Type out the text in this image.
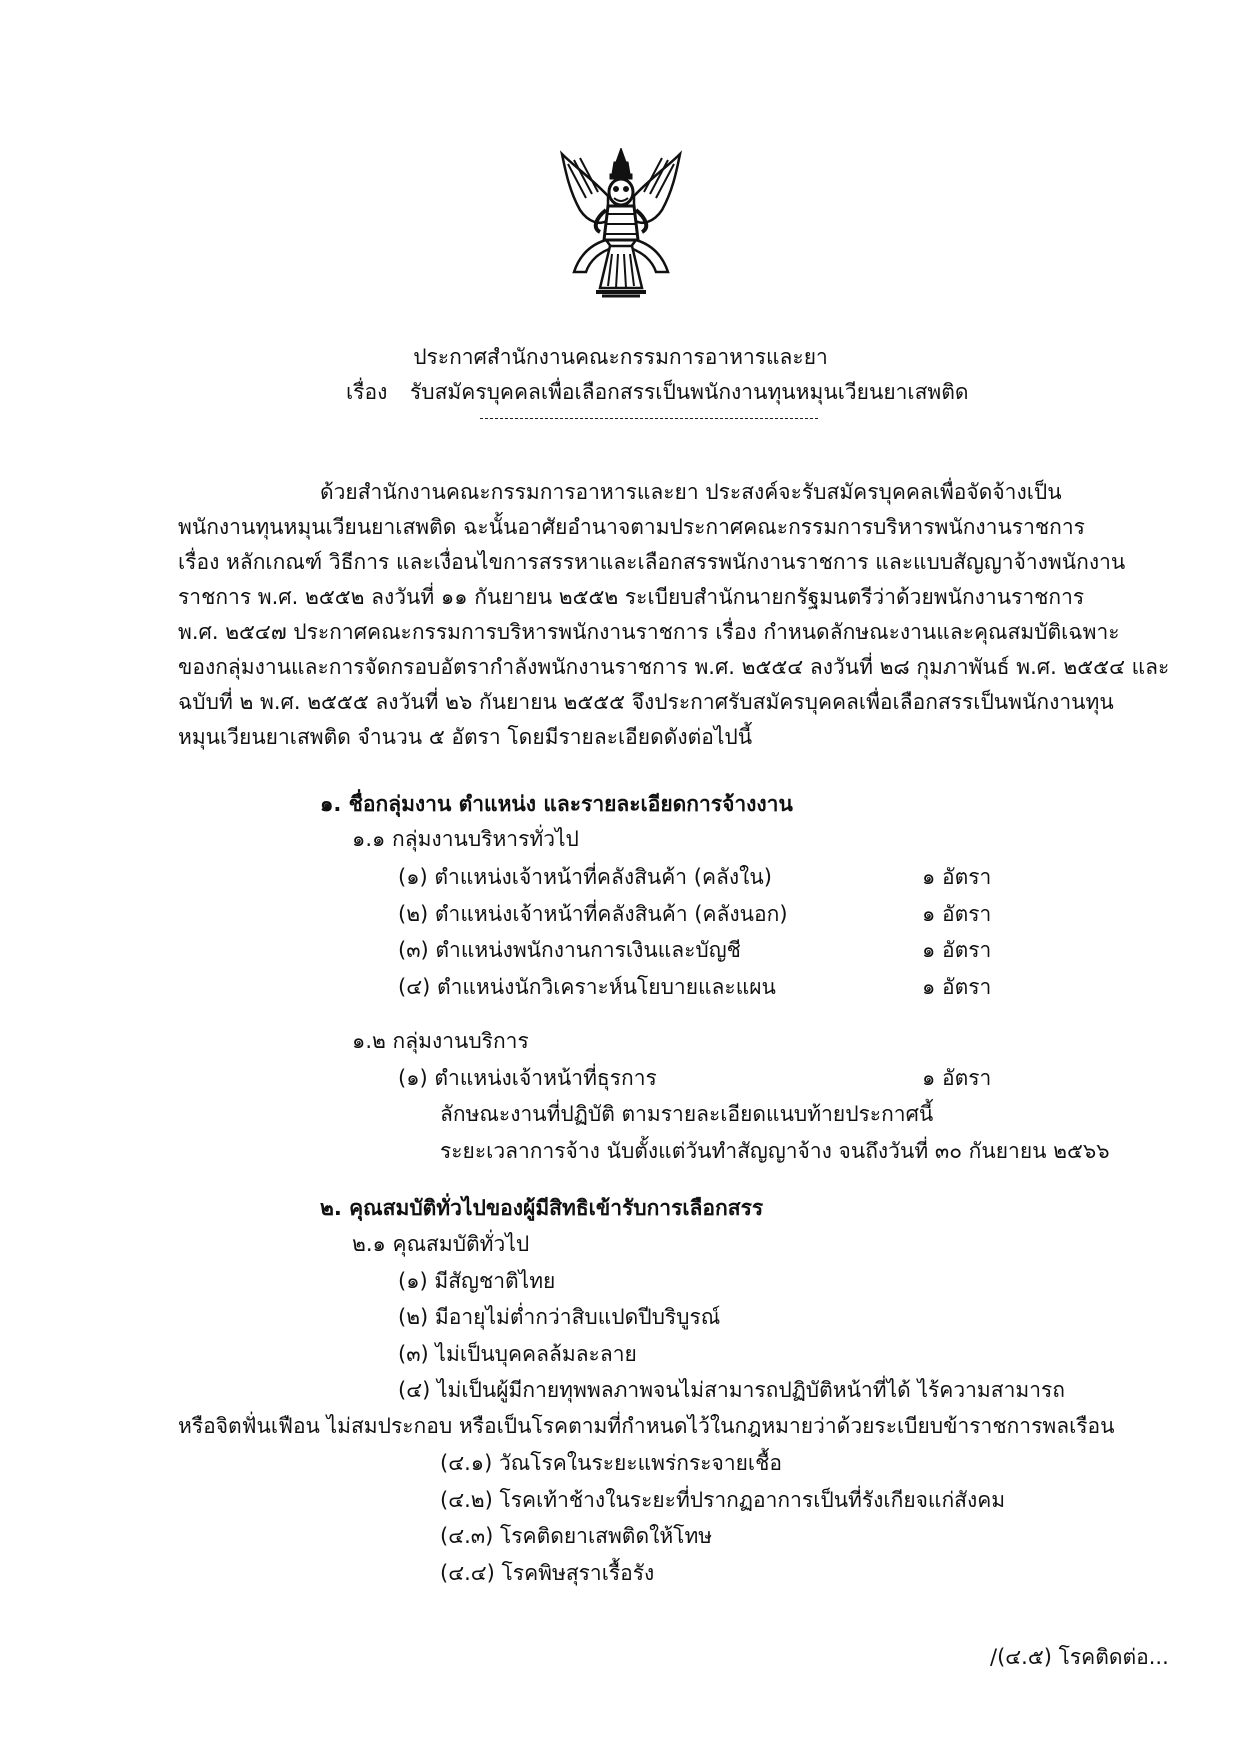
ประกาศสำนักงานคณะกรรมการอาหารและยา
เรื่อง รับสมัครบุคคลเพื่อเลือกสรรเป็นพนักงานทุนหมุนเวียนยาเสพติด
ด้วยสำนักงานคณะกรรมการอาหารและยา ประสงค์จะรับสมัครบุคคลเพื่อจัดจ้างเป็น
พนักงานทุนหมุนเวียนยาเสพติด ฉะนั้นอาศัยอำนาจตามประกาศคณะกรรมการบริหารพนักงานราชการ
เรื่อง หลักเกณฑ์ วิธีการ และเงื่อนไขการสรรหาและเลือกสรรพนักงานราชการ และแบบสัญญาจ้างพนักงาน
ราชการ พ.ศ. ๒๕๕๒ ลงวันที่ ๑๑ กันยายน ๒๕๕๒ ระเบียบสำนักนายกรัฐมนตรีว่าด้วยพนักงานราชการ
พ.ศ. ๒๕๔๗ ประกาศคณะกรรมการบริหารพนักงานราชการ เรื่อง กำหนดลักษณะงานและคุณสมบัติเฉพาะ
ของกลุ่มงานและการจัดกรอบอัตรากำลังพนักงานราชการ พ.ศ. ๒๕๕๔ ลงวันที่ ๒๘ กุมภาพันธ์ พ.ศ. ๒๕๕๔ และ
ฉบับที่ ๒ พ.ศ. ๒๕๕๕ ลงวันที่ ๒๖ กันยายน ๒๕๕๕ จึงประกาศรับสมัครบุคคลเพื่อเลือกสรรเป็นพนักงานทุน
หมุนเวียนยาเสพติด จำนวน ๕ อัตรา โดยมีรายละเอียดดังต่อไปนี้
๑. ชื่อกลุ่มงาน ตำแหน่ง และรายละเอียดการจ้างงาน
๑.๑ กลุ่มงานบริหารทั่วไป
(๑) ตำแหน่งเจ้าหน้าที่คลังสินค้า (คลังใน)	๑ อัตรา
(๒) ตำแหน่งเจ้าหน้าที่คลังสินค้า (คลังนอก)	๑ อัตรา
(๓) ตำแหน่งพนักงานการเงินและบัญชี	๑ อัตรา
(๔) ตำแหน่งนักวิเคราะห์นโยบายและแผน	๑ อัตรา
๑.๒ กลุ่มงานบริการ
(๑) ตำแหน่งเจ้าหน้าที่ธุรการ	๑ อัตรา
ลักษณะงานที่ปฏิบัติ ตามรายละเอียดแนบท้ายประกาศนี้
ระยะเวลาการจ้าง นับตั้งแต่วันทำสัญญาจ้าง จนถึงวันที่ ๓๐ กันยายน ๒๕๖๖
๒. คุณสมบัติทั่วไปของผู้มีสิทธิเข้ารับการเลือกสรร
๒.๑ คุณสมบัติทั่วไป
(๑) มีสัญชาติไทย
(๒) มีอายุไม่ต่ำกว่าสิบแปดปีบริบูรณ์
(๓) ไม่เป็นบุคคลล้มละลาย
(๔) ไม่เป็นผู้มีกายทุพพลภาพจนไม่สามารถปฏิบัติหน้าที่ได้ ไร้ความสามารถ
หรือจิตฟั่นเฟือน ไม่สมประกอบ หรือเป็นโรคตามที่กำหนดไว้ในกฎหมายว่าด้วยระเบียบข้าราชการพลเรือน
(๔.๑) วัณโรคในระยะแพร่กระจายเชื้อ
(๔.๒) โรคเท้าช้างในระยะที่ปรากฏอาการเป็นที่รังเกียจแก่สังคม
(๔.๓) โรคติดยาเสพติดให้โทษ
(๔.๔) โรคพิษสุราเรื้อรัง
/(๔.๕) โรคติดต่อ...
